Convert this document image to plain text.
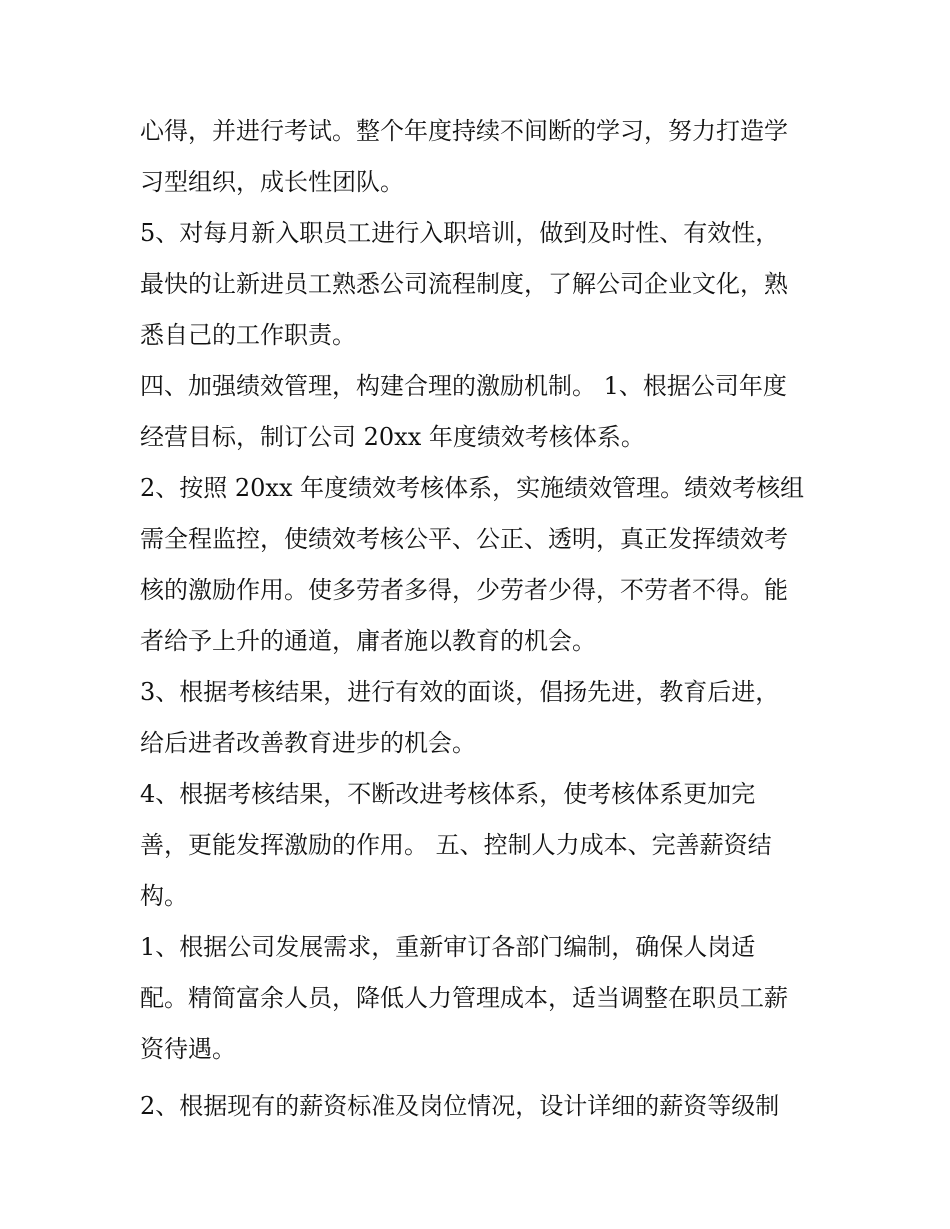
心得，并进行考试。整个年度持续不间断的学习，努力打造学
习型组织，成长性团队。
5、对每月新入职员工进行入职培训，做到及时性、有效性，
最快的让新进员工熟悉公司流程制度，了解公司企业文化，熟
悉自己的工作职责。
四、加强绩效管理，构建合理的激励机制。 1、根据公司年度
经营目标，制订公司 20xx 年度绩效考核体系。
2、按照 20xx 年度绩效考核体系，实施绩效管理。绩效考核组
需全程监控，使绩效考核公平、公正、透明，真正发挥绩效考
核的激励作用。使多劳者多得，少劳者少得，不劳者不得。能
者给予上升的通道，庸者施以教育的机会。
3、根据考核结果，进行有效的面谈，倡扬先进，教育后进，
给后进者改善教育进步的机会。
4、根据考核结果，不断改进考核体系，使考核体系更加完
善，更能发挥激励的作用。 五、控制人力成本、完善薪资结
构。
1、根据公司发展需求，重新审订各部门编制，确保人岗适
配。精简富余人员，降低人力管理成本，适当调整在职员工薪
资待遇。
2、根据现有的薪资标准及岗位情况，设计详细的薪资等级制
